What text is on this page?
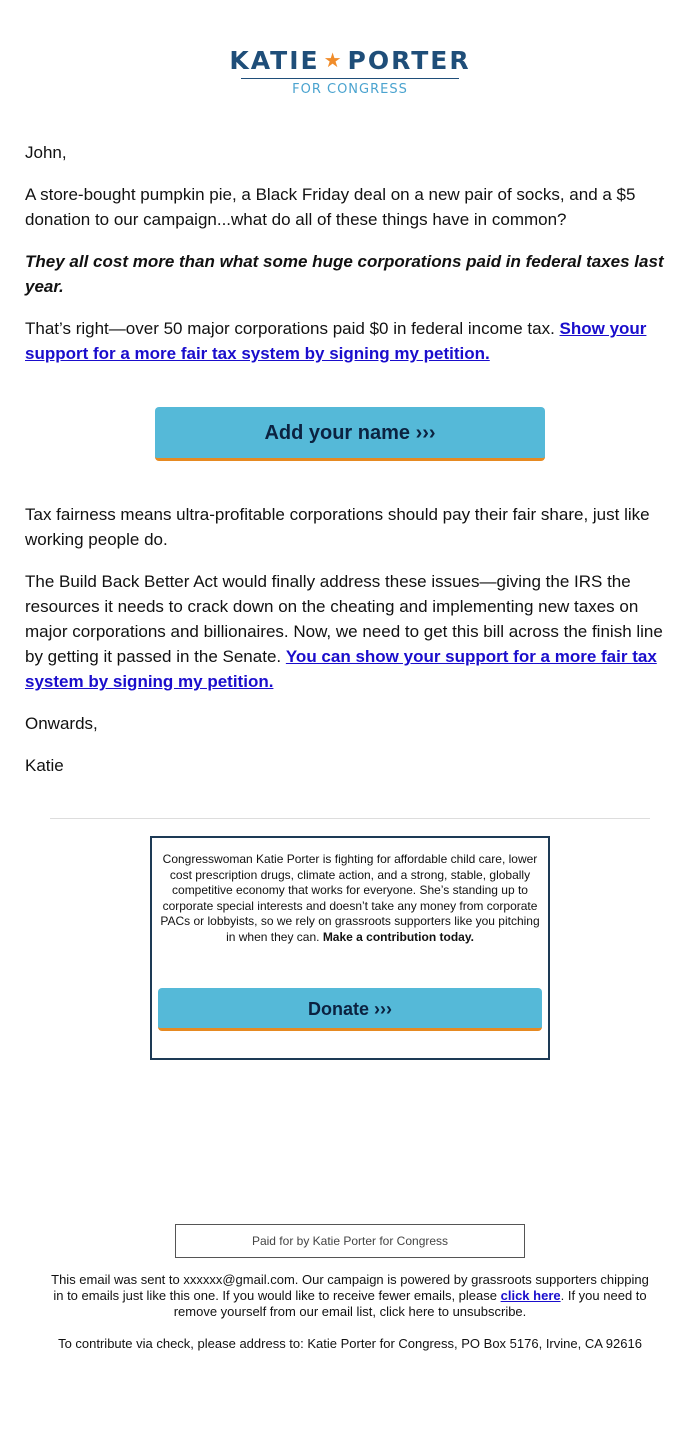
KATIE ★ PORTER
FOR CONGRESS

John,

A store-bought pumpkin pie, a Black Friday deal on a new pair of socks, and a $5 donation to our campaign...what do all of these things have in common?

They all cost more than what some huge corporations paid in federal taxes last year.

That’s right—over 50 major corporations paid $0 in federal income tax. Show your support for a more fair tax system by signing my petition.

Add your name ›››

Tax fairness means ultra-profitable corporations should pay their fair share, just like working people do.

The Build Back Better Act would finally address these issues—giving the IRS the resources it needs to crack down on the cheating and implementing new taxes on major corporations and billionaires. Now, we need to get this bill across the finish line by getting it passed in the Senate. You can show your support for a more fair tax system by signing my petition.

Onwards,

Katie

Congresswoman Katie Porter is fighting for affordable child care, lower cost prescription drugs, climate action, and a strong, stable, globally competitive economy that works for everyone. She’s standing up to corporate special interests and doesn’t take any money from corporate PACs or lobbyists, so we rely on grassroots supporters like you pitching in when they can. Make a contribution today.
Donate ›››
Paid for by Katie Porter for Congress

This email was sent to xxxxxx@gmail.com. Our campaign is powered by grassroots supporters chipping in to emails just like this one. If you would like to receive fewer emails, please click here. If you need to remove yourself from our email list, click here to unsubscribe.

To contribute via check, please address to: Katie Porter for Congress, PO Box 5176, Irvine, CA 92616
